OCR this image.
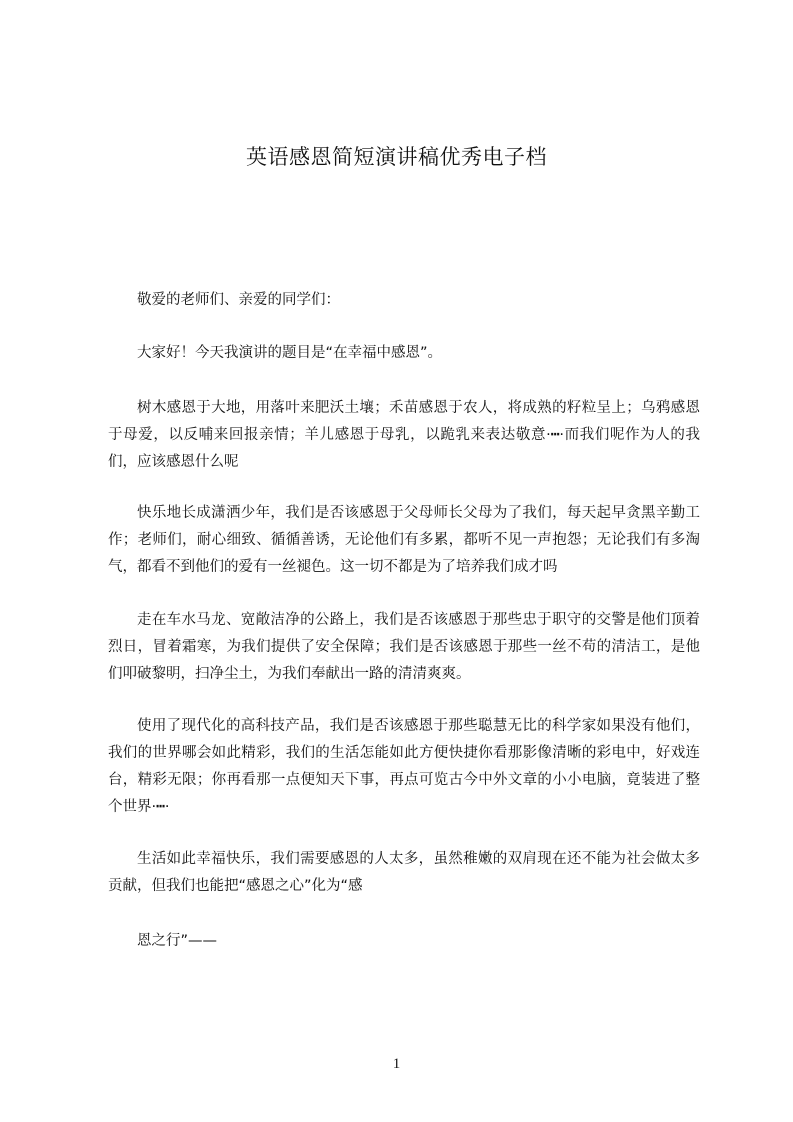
英语感恩简短演讲稿优秀电子档

敬爱的老师们、亲爱的同学们：

大家好！今天我演讲的题目是“在幸福中感恩”。

树木感恩于大地，用落叶来肥沃土壤；禾苗感恩于农人，将成熟的籽粒呈上；乌鸦感恩于母爱，以反哺来回报亲情；羊儿感恩于母乳，以跪乳来表达敬意·┅·而我们呢作为人的我们，应该感恩什么呢

快乐地长成潇洒少年，我们是否该感恩于父母师长父母为了我们，每天起早贪黑辛勤工作；老师们，耐心细致、循循善诱，无论他们有多累，都听不见一声抱怨；无论我们有多淘气，都看不到他们的爱有一丝褪色。这一切不都是为了培养我们成才吗

走在车水马龙、宽敞洁净的公路上，我们是否该感恩于那些忠于职守的交警是他们顶着烈日，冒着霜寒，为我们提供了安全保障；我们是否该感恩于那些一丝不苟的清洁工，是他们叩破黎明，扫净尘土，为我们奉献出一路的清清爽爽。

使用了现代化的高科技产品，我们是否该感恩于那些聪慧无比的科学家如果没有他们，我们的世界哪会如此精彩，我们的生活怎能如此方便快捷你看那影像清晰的彩电中，好戏连台，精彩无限；你再看那一点便知天下事，再点可览古今中外文章的小小电脑，竟装进了整个世界·┅·

生活如此幸福快乐，我们需要感恩的人太多，虽然稚嫩的双肩现在还不能为社会做太多贡献，但我们也能把“感恩之心”化为“感

恩之行”——

1
